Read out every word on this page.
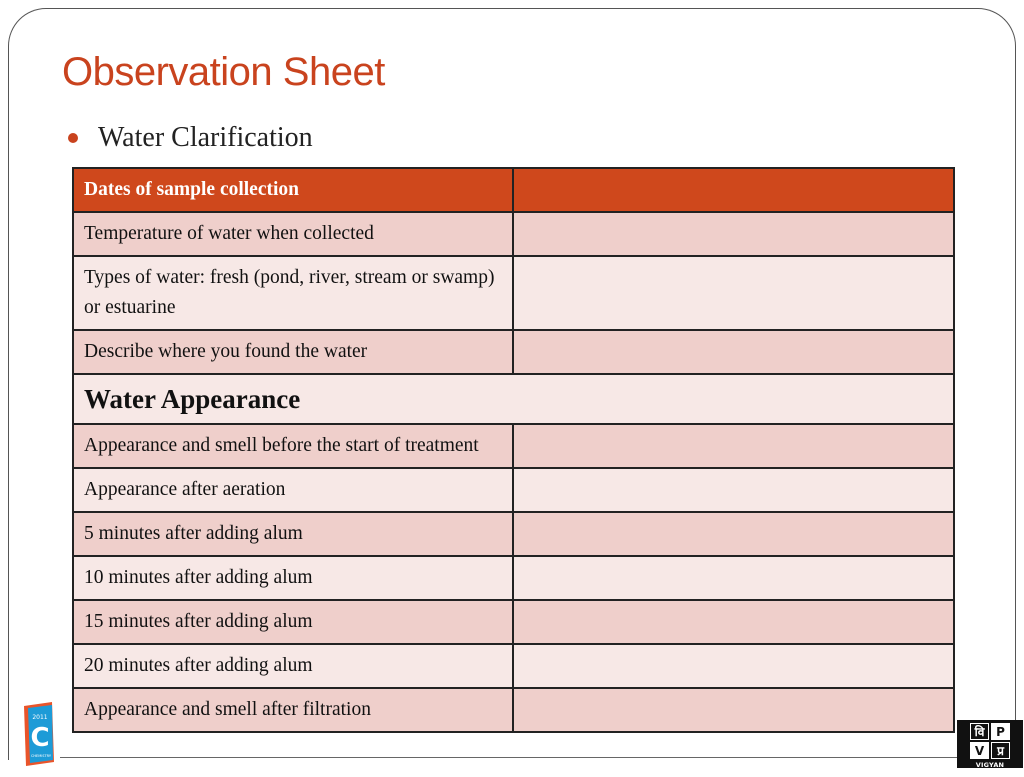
Observation Sheet
Water Clarification
Dates of sample collection	
Temperature of water when collected	
Types of water: fresh (pond, river, stream or swamp) or estuarine	
Describe where you found the water	
Water Appearance	
Appearance and smell before the start of treatment	
Appearance after aeration	
5 minutes after adding alum	
10 minutes after adding alum	
15 minutes after adding alum	
20 minutes after adding alum	
Appearance and smell after filtration	
2011
C
CHEMISTRY
वि P
V	प्र
VIGYAN PRASAR
